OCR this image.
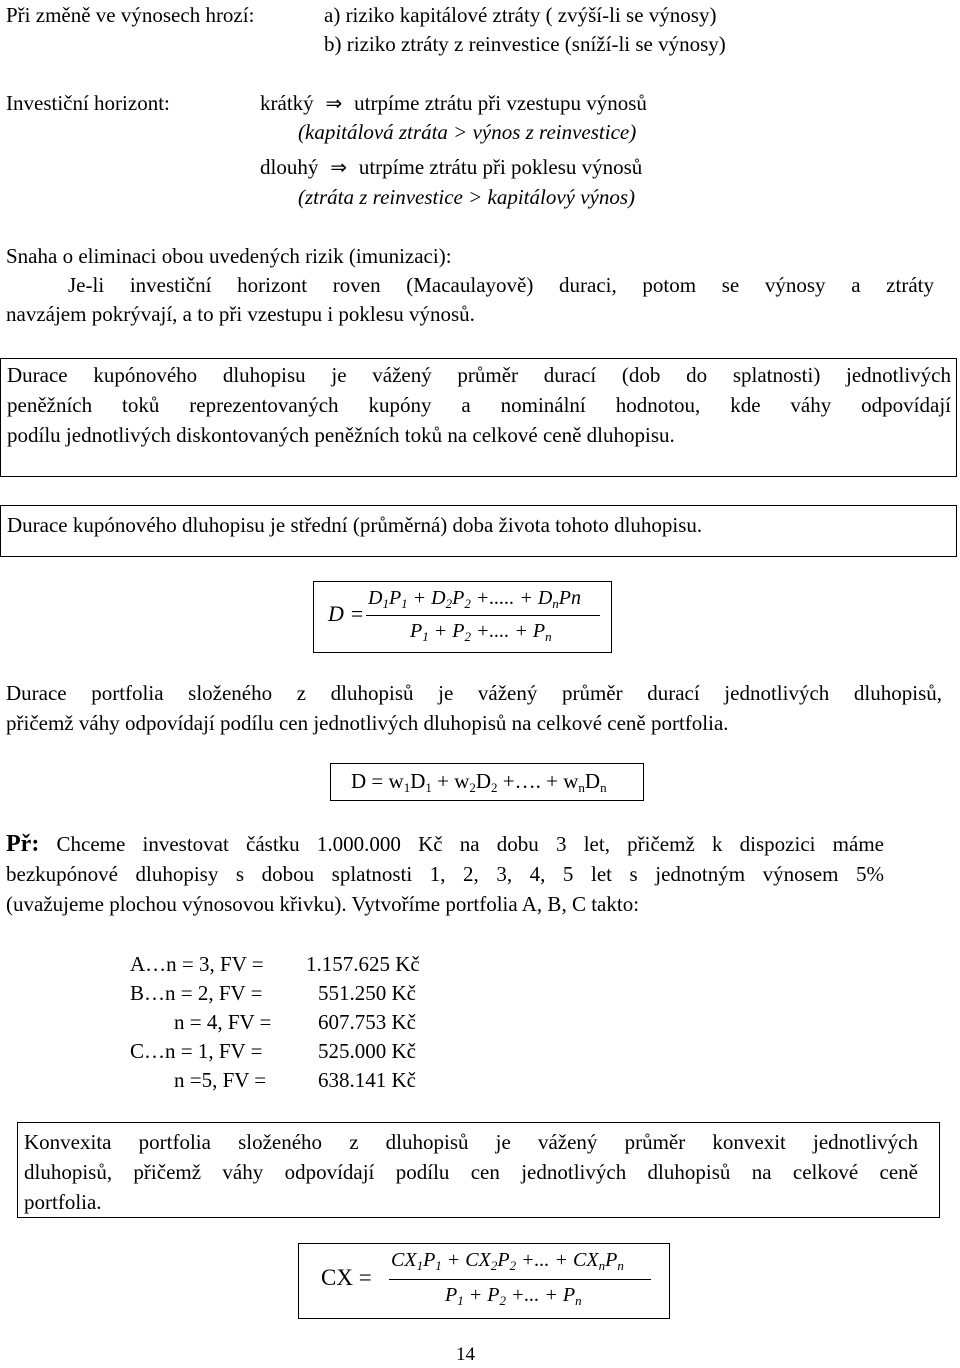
Při změně ve výnosech hrozí:	a) riziko kapitálové ztráty ( zvýší-li se výnosy)
b) riziko ztráty z reinvestice (sníží-li se výnosy)
Investiční horizont:	krátký ⇒ utrpíme ztrátu při vzestupu výnosů
(kapitálová ztráta > výnos z reinvestice)
dlouhý ⇒ utrpíme ztrátu při poklesu výnosů
(ztráta z reinvestice > kapitálový výnos)
Snaha o eliminaci obou uvedených rizik (imunizaci):
Je-li investiční horizont roven (Macaulayově) duraci, potom se výnosy a ztráty
navzájem pokrývají, a to při vzestupu i poklesu výnosů.
Durace kupónového dluhopisu je vážený průměr durací (dob do splatnosti) jednotlivých
peněžních toků reprezentovaných kupóny a nominální hodnotou, kde váhy odpovídají
podílu jednotlivých diskontovaných peněžních toků na celkové ceně dluhopisu.
Durace kupónového dluhopisu je střední (průměrná) doba života tohoto dluhopisu.
D =
$D_1P_1 + D_2P_2$ +..... + $D_nPn$
$P_1 + P_2$ +.... + $P_n$
Durace portfolia složeného z dluhopisů je vážený průměr durací jednotlivých dluhopisů,
přičemž váhy odpovídají podílu cen jednotlivých dluhopisů na celkové ceně portfolia.
$D = w_1D_1 + w_2D_2$ +…. + $w_nD_n$
Př: Chceme investovat částku 1.000.000 Kč na dobu 3 let, přičemž k dispozici máme
bezkupónové dluhopisy s dobou splatnosti 1, 2, 3, 4, 5 let s jednotným výnosem 5%
(uvažujeme plochou výnosovou křivku). Vytvoříme portfolia A, B, C takto:
A…n = 3, FV = 1.157.625 Kč
B…n = 2, FV =	551.250 Kč
n = 4, FV = 607.753 Kč
C…n = 1, FV =	525.000 Kč
n =5, FV = 638.141 Kč
Konvexita portfolia složeného z dluhopisů je vážený průměr konvexit jednotlivých
dluhopisů, přičemž váhy odpovídají podílu cen jednotlivých dluhopisů na celkové ceně
portfolia.
CX =
$CX_1P_1 + CX_2P_2$ +... + $CX_nP_n$
$P_1 + P_2$ +... + $P_n$
14
